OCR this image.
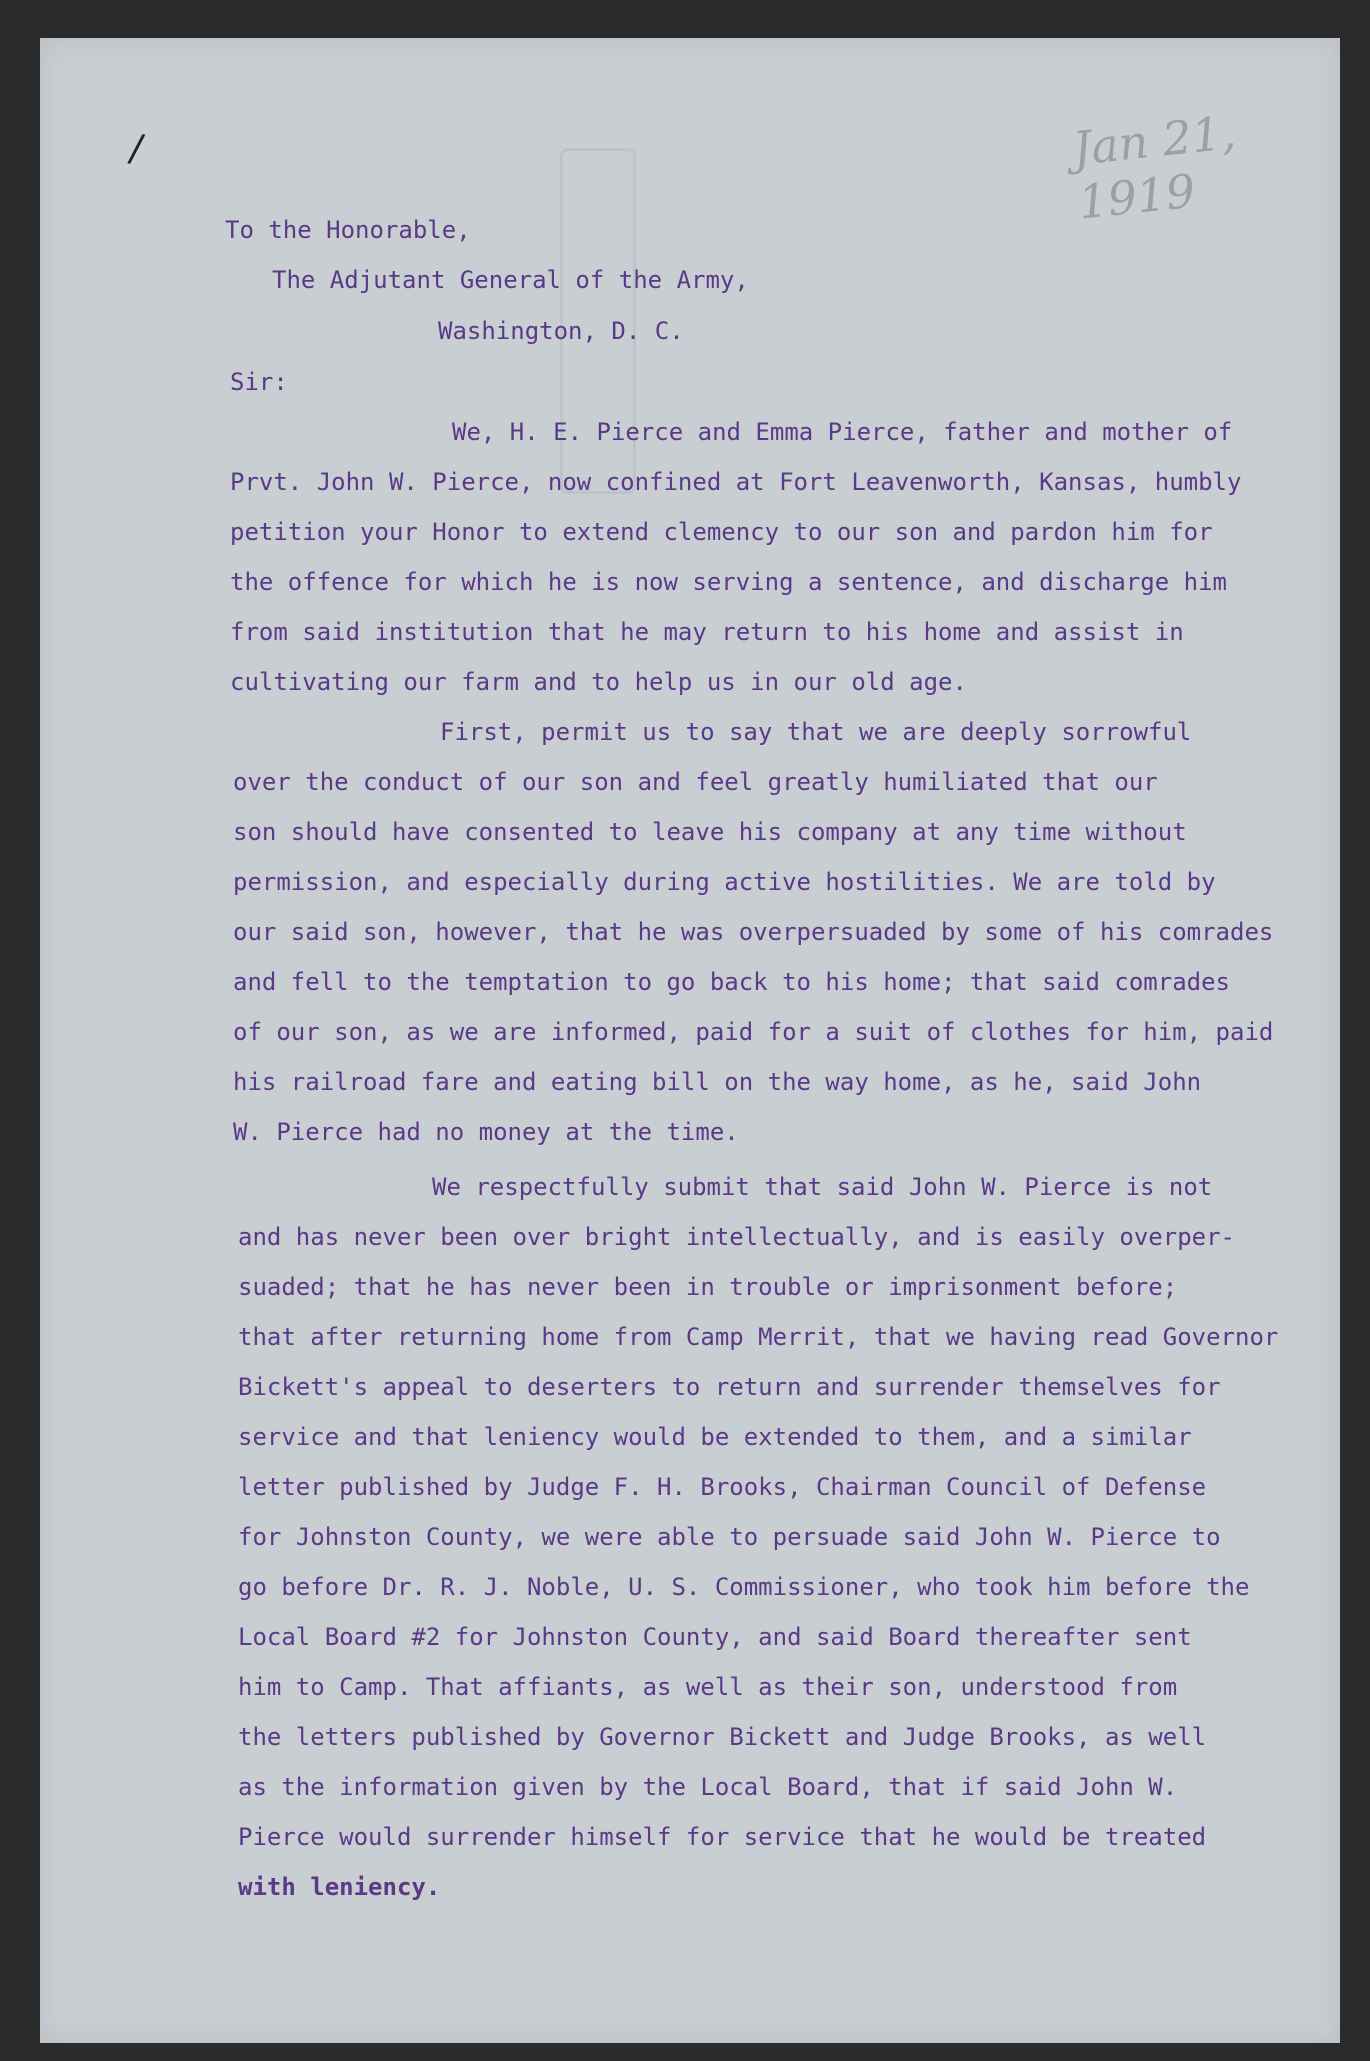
/	Jan 21, 1919

To the Honorable,

The Adjutant General of the Army,

Washington, D. C.

Sir:

We, H. E. Pierce and Emma Pierce, father and mother of

Prvt. John W. Pierce, now confined at Fort Leavenworth, Kansas, humbly

petition your Honor to extend clemency to our son and pardon him for

the offence for which he is now serving a sentence, and discharge him

from said institution that he may return to his home and assist in

cultivating our farm and to help us in our old age.

First, permit us to say that we are deeply sorrowful

over the conduct of our son and feel greatly humiliated that our

son should have consented to leave his company at any time without

permission, and especially during active hostilities. We are told by

our said son, however, that he was overpersuaded by some of his comrades

and fell to the temptation to go back to his home; that said comrades

of our son, as we are informed, paid for a suit of clothes for him, paid

his railroad fare and eating bill on the way home, as he, said John

W. Pierce had no money at the time.

We respectfully submit that said John W. Pierce is not

and has never been over bright intellectually, and is easily overper-

suaded; that he has never been in trouble or imprisonment before;

that after returning home from Camp Merrit, that we having read Governor

Bickett's appeal to deserters to return and surrender themselves for

service and that leniency would be extended to them, and a similar

letter published by Judge F. H. Brooks, Chairman Council of Defense

for Johnston County, we were able to persuade said John W. Pierce to

go before Dr. R. J. Noble, U. S. Commissioner, who took him before the

Local Board #2 for Johnston County, and said Board thereafter sent

him to Camp. That affiants, as well as their son, understood from

the letters published by Governor Bickett and Judge Brooks, as well

as the information given by the Local Board, that if said John W.

Pierce would surrender himself for service that he would be treated

with leniency.
